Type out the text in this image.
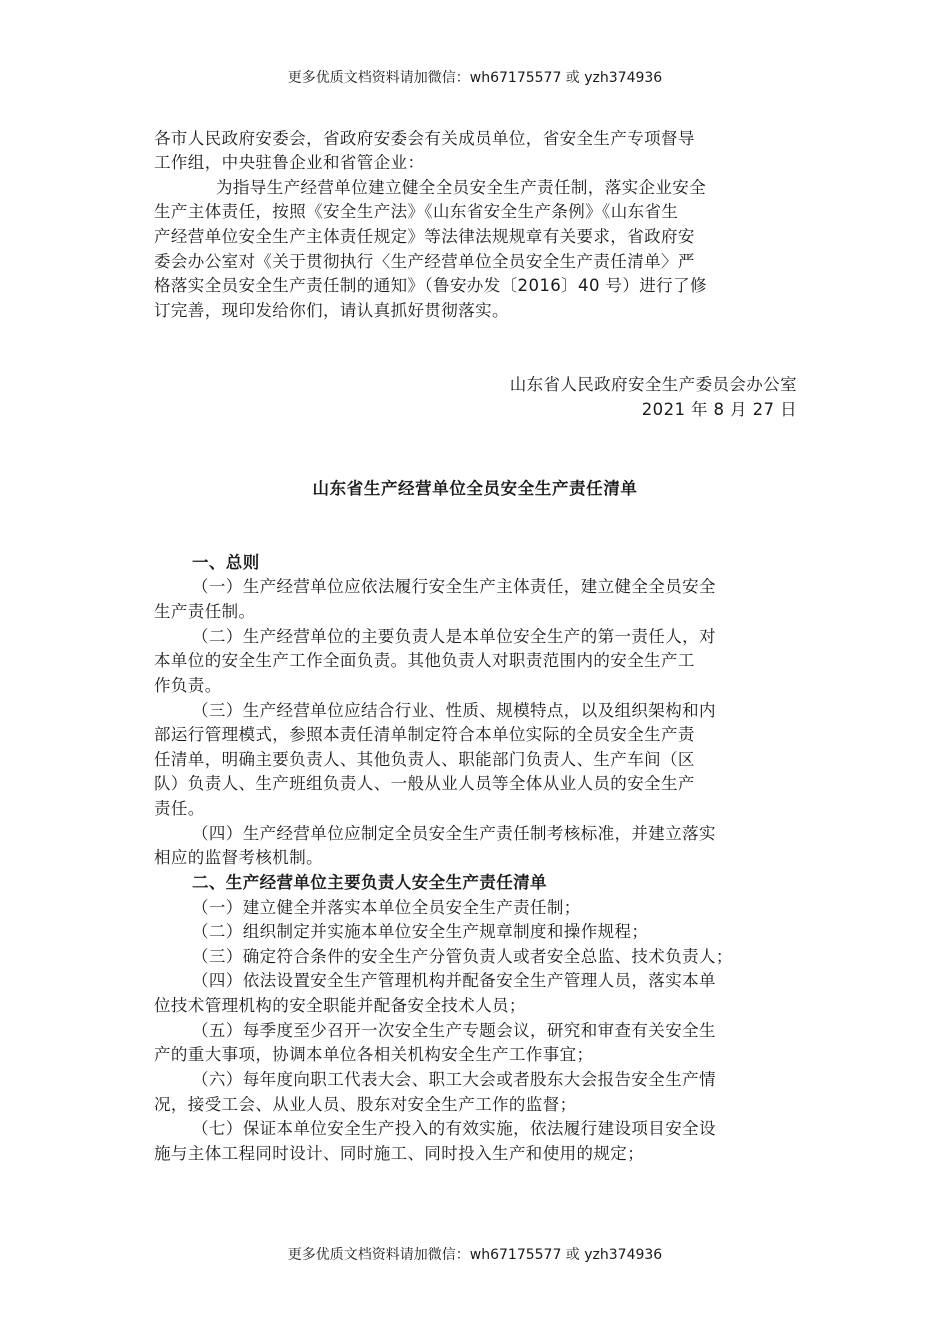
更多优质文档资料请加微信：wh67175577 或 yzh374936
各市人民政府安委会，省政府安委会有关成员单位，省安全生产专项督导
工作组，中央驻鲁企业和省管企业：
为指导生产经营单位建立健全全员安全生产责任制，落实企业安全
生产主体责任，按照《安全生产法》《山东省安全生产条例》《山东省生
产经营单位安全生产主体责任规定》等法律法规规章有关要求，省政府安
委会办公室对《关于贯彻执行〈生产经营单位全员安全生产责任清单〉严
格落实全员安全生产责任制的通知》（鲁安办发〔2016〕40 号）进行了修
订完善，现印发给你们，请认真抓好贯彻落实。
山东省人民政府安全生产委员会办公室
2021 年 8 月 27 日
山东省生产经营单位全员安全生产责任清单
一、总则
（一）生产经营单位应依法履行安全生产主体责任，建立健全全员安全
生产责任制。
（二）生产经营单位的主要负责人是本单位安全生产的第一责任人，对
本单位的安全生产工作全面负责。其他负责人对职责范围内的安全生产工
作负责。
（三）生产经营单位应结合行业、性质、规模特点，以及组织架构和内
部运行管理模式，参照本责任清单制定符合本单位实际的全员安全生产责
任清单，明确主要负责人、其他负责人、职能部门负责人、生产车间（区
队）负责人、生产班组负责人、一般从业人员等全体从业人员的安全生产
责任。
（四）生产经营单位应制定全员安全生产责任制考核标准，并建立落实
相应的监督考核机制。
二、生产经营单位主要负责人安全生产责任清单
（一）建立健全并落实本单位全员安全生产责任制；
（二）组织制定并实施本单位安全生产规章制度和操作规程；
（三）确定符合条件的安全生产分管负责人或者安全总监、技术负责人；
（四）依法设置安全生产管理机构并配备安全生产管理人员，落实本单
位技术管理机构的安全职能并配备安全技术人员；
（五）每季度至少召开一次安全生产专题会议，研究和审查有关安全生
产的重大事项，协调本单位各相关机构安全生产工作事宜；
（六）每年度向职工代表大会、职工大会或者股东大会报告安全生产情
况，接受工会、从业人员、股东对安全生产工作的监督；
（七）保证本单位安全生产投入的有效实施，依法履行建设项目安全设
施与主体工程同时设计、同时施工、同时投入生产和使用的规定；
更多优质文档资料请加微信：wh67175577 或 yzh374936
